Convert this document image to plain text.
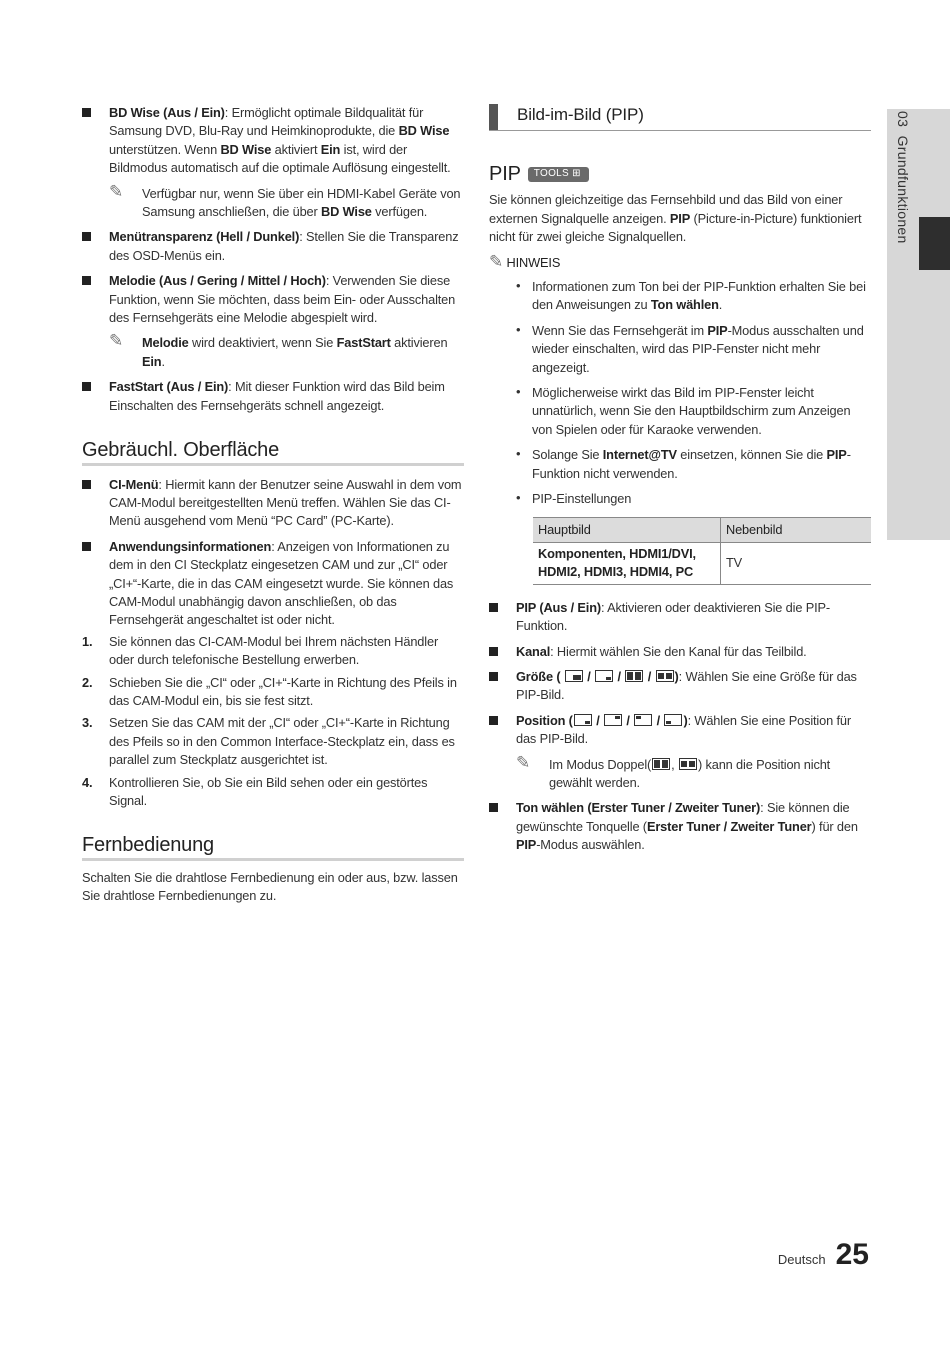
BD Wise (Aus / Ein): Ermöglicht optimale Bildqualität für Samsung DVD, Blu-Ray und Heimkinoprodukte, die BD Wise unterstützen. Wenn BD Wise aktiviert Ein ist, wird der Bildmodus automatisch auf die optimale Auflösung eingestellt.
✎ Verfügbar nur, wenn Sie über ein HDMI-Kabel Geräte von Samsung anschließen, die über BD Wise verfügen.
Menütransparenz (Hell / Dunkel): Stellen Sie die Transparenz des OSD-Menüs ein.
Melodie (Aus / Gering / Mittel / Hoch): Verwenden Sie diese Funktion, wenn Sie möchten, dass beim Ein- oder Ausschalten des Fernsehgeräts eine Melodie abgespielt wird.
✎ Melodie wird deaktiviert, wenn Sie FastStart aktivieren Ein.
FastStart (Aus / Ein): Mit dieser Funktion wird das Bild beim Einschalten des Fernsehgeräts schnell angezeigt.
Gebräuchl. Oberfläche
CI-Menü: Hiermit kann der Benutzer seine Auswahl in dem vom CAM-Modul bereitgestellten Menü treffen. Wählen Sie das CI-Menü ausgehend vom Menü “PC Card” (PC-Karte).
Anwendungsinformationen: Anzeigen von Informationen zu dem in den CI Steckplatz eingesetzen CAM und zur „CI“ oder „CI+“-Karte, die in das CAM eingesetzt wurde. Sie können das CAM-Modul unabhängig davon anschließen, ob das Fernsehgerät angeschaltet ist oder nicht.
1. Sie können das CI-CAM-Modul bei Ihrem nächsten Händler oder durch telefonische Bestellung erwerben.
2. Schieben Sie die „CI“ oder „CI+“-Karte in Richtung des Pfeils in das CAM-Modul ein, bis sie fest sitzt.
3. Setzen Sie das CAM mit der „CI“ oder „CI+“-Karte in Richtung des Pfeils so in den Common Interface-Steckplatz ein, dass es parallel zum Steckplatz ausgerichtet ist.
4. Kontrollieren Sie, ob Sie ein Bild sehen oder ein gestörtes Signal.
Fernbedienung
Schalten Sie die drahtlose Fernbedienung ein oder aus, bzw. lassen Sie drahtlose Fernbedienungen zu.
Bild-im-Bild (PIP)
PIP	TOOLS ⊞
Sie können gleichzeitige das Fernsehbild und das Bild von einer externen Signalquelle anzeigen. PIP (Picture-in-Picture) funktioniert nicht für zwei gleiche Signalquellen.
✎ HINWEIS
• Informationen zum Ton bei der PIP-Funktion erhalten Sie bei den Anweisungen zu Ton wählen.
• Wenn Sie das Fernsehgerät im PIP-Modus ausschalten und wieder einschalten, wird das PIP-Fenster nicht mehr angezeigt.
• Möglicherweise wirkt das Bild im PIP-Fenster leicht unnatürlich, wenn Sie den Hauptbildschirm zum Anzeigen von Spielen oder für Karaoke verwenden.
• Solange Sie Internet@TV einsetzen, können Sie die PIP-Funktion nicht verwenden.
• PIP-Einstellungen
Hauptbild	Nebenbild
Komponenten, HDMI1/DVI, HDMI2, HDMI3, HDMI4, PC	TV
PIP (Aus / Ein): Aktivieren oder deaktivieren Sie die PIP-Funktion.
Kanal: Hiermit wählen Sie den Kanal für das Teilbild.
Größe (
/
/
/
): Wählen Sie eine Größe für das PIP-Bild.
Position (
/
/
/
): Wählen Sie eine Position für das PIP-Bild.
✎ Im Modus Doppel( ,
) kann die Position nicht gewählt werden.
Ton wählen (Erster Tuner / Zweiter Tuner): Sie können die gewünschte Tonquelle (Erster Tuner / Zweiter Tuner) für den PIP-Modus auswählen.
03  Grundfunktionen
Deutsch 25
